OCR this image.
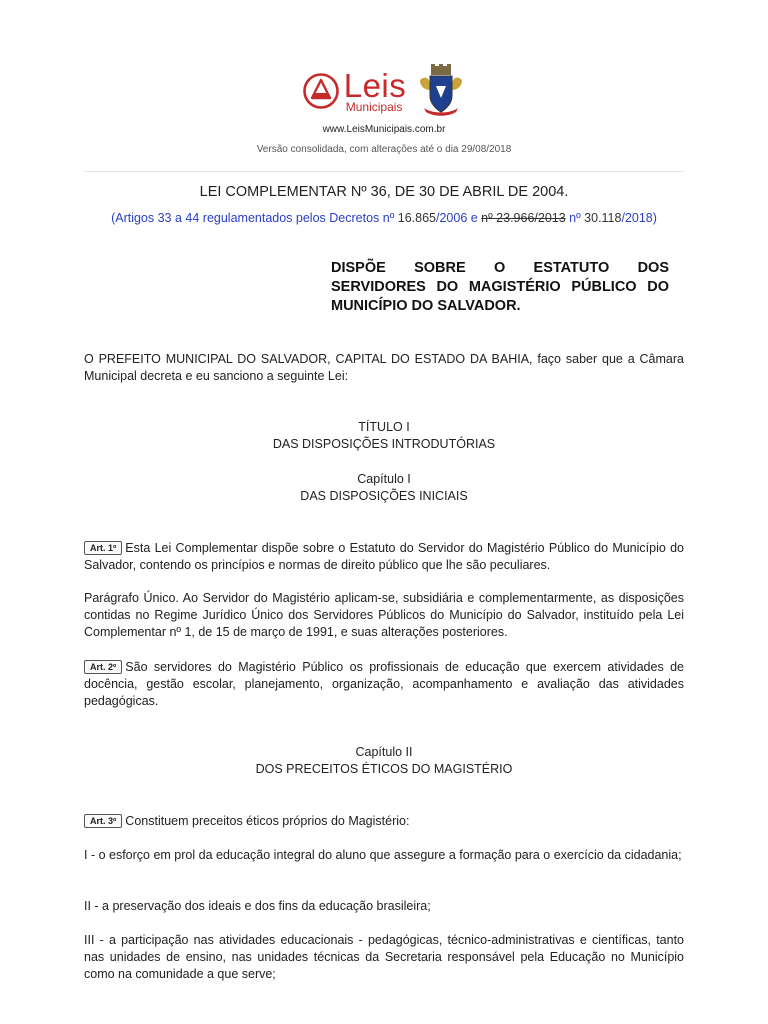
Leis
Municipais
www.LeisMunicipais.com.br
Versão consolidada, com alterações até o dia 29/08/2018
LEI COMPLEMENTAR Nº 36, DE 30 DE ABRIL DE 2004.
(Artigos 33 a 44 regulamentados pelos Decretos nº 16.865/2006 e nº 23.966/2013 nº 30.118/2018)
DISPÕE SOBRE O ESTATUTO DOS SERVIDORES DO MAGISTÉRIO PÚBLICO DO MUNICÍPIO DO SALVADOR.

O PREFEITO MUNICIPAL DO SALVADOR, CAPITAL DO ESTADO DA BAHIA, faço saber que a Câmara Municipal decreta e eu sanciono a seguinte Lei:

TÍTULO I

DAS DISPOSIÇÕES INTRODUTÓRIAS

Capítulo I

DAS DISPOSIÇÕES INICIAIS

Art. 1º Esta Lei Complementar dispõe sobre o Estatuto do Servidor do Magistério Público do Município do Salvador, contendo os princípios e normas de direito público que lhe são peculiares.

Parágrafo Único. Ao Servidor do Magistério aplicam-se, subsidiária e complementarmente, as disposições contidas no Regime Jurídico Único dos Servidores Públicos do Município do Salvador, instituído pela Lei Complementar nº 1, de 15 de março de 1991, e suas alterações posteriores.

Art. 2º São servidores do Magistério Público os profissionais de educação que exercem atividades de docência, gestão escolar, planejamento, organização, acompanhamento e avaliação das atividades pedagógicas.

Capítulo II

DOS PRECEITOS ÉTICOS DO MAGISTÉRIO

Art. 3º Constituem preceitos éticos próprios do Magistério:

I - o esforço em prol da educação integral do aluno que assegure a formação para o exercício da cidadania;

II - a preservação dos ideais e dos fins da educação brasileira;

III - a participação nas atividades educacionais - pedagógicas, técnico-administrativas e científicas, tanto nas unidades de ensino, nas unidades técnicas da Secretaria responsável pela Educação no Município como na comunidade a que serve;
